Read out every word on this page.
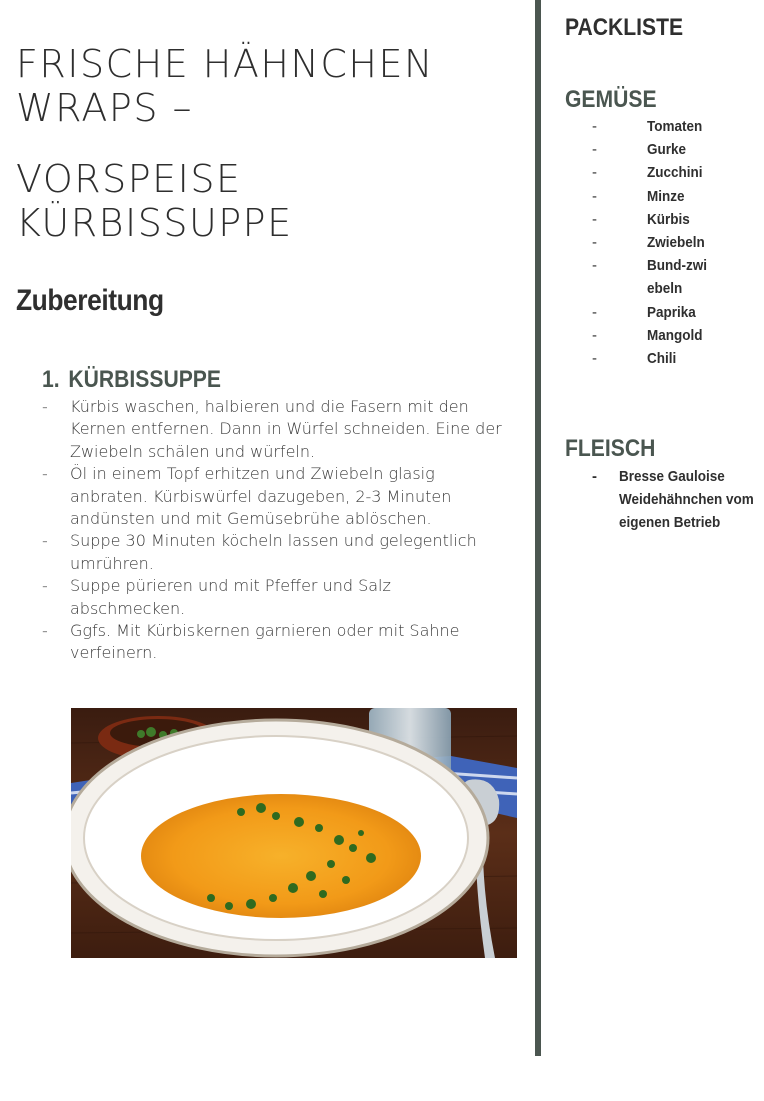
FRISCHE HÄHNCHEN
WRAPS –
VORSPEISE
KÜRBISSUPPE
Zubereitung
1. KÜRBISSUPPE
- Kürbis waschen, halbieren und die Fasern mit den Kernen entfernen. Dann in Würfel schneiden. Eine der Zwiebeln schälen und würfeln.
- Öl in einem Topf erhitzen und Zwiebeln glasig anbraten. Kürbiswürfel dazugeben, 2-3 Minuten andünsten und mit Gemüsebrühe ablöschen.
- Suppe 30 Minuten köcheln lassen und gelegentlich umrühren.
- Suppe pürieren und mit Pfeffer und Salz abschmecken.
- Ggfs. Mit Kürbiskernen garnieren oder mit Sahne verfeinern.
PACKLISTE
GEMÜSE
-	Tomaten
-	Gurke
-	Zucchini
-	Minze
-	Kürbis
-	Zwiebeln
-	Bund-zwiebeln
-	Paprika
-	Mangold
-	Chili
FLEISCH
- Bresse Gauloise Weidehähnchen vom eigenen Betrieb
